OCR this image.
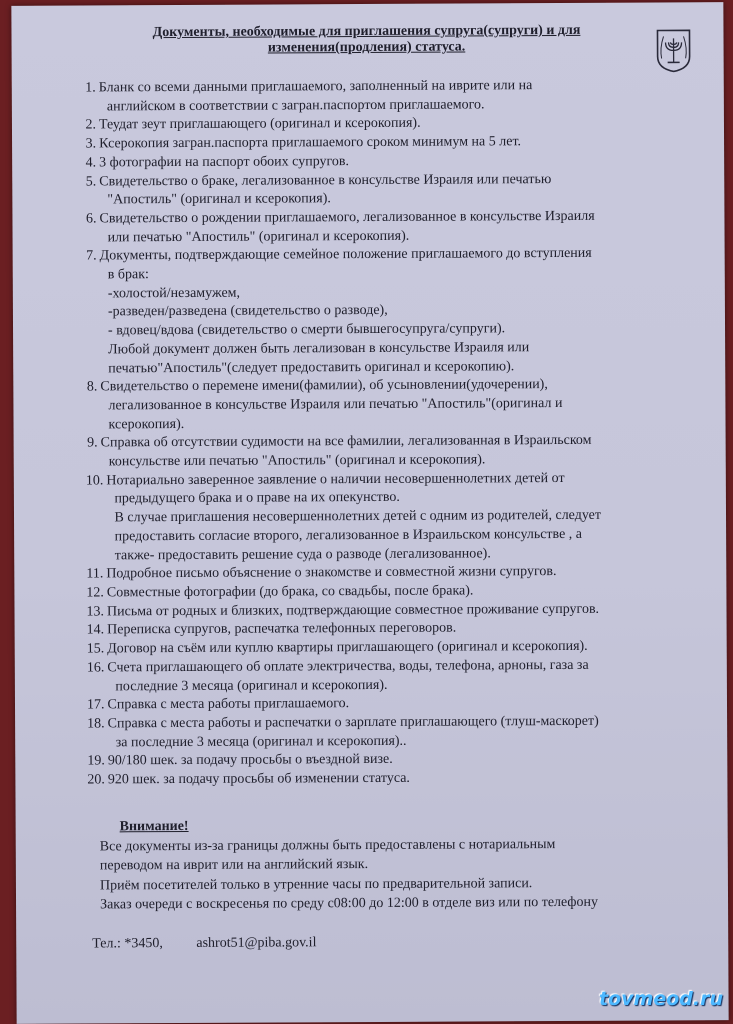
Документы, необходимые для приглашения супруга(супруги) и для
изменения(продления) статуса.
1. Бланк со всеми данными приглашаемого, заполненный на иврите или на
английском в соответствии с загран.паспортом приглашаемого.
2. Теудат зеут приглашающего (оригинал и ксерокопия).
3. Ксерокопия загран.паспорта приглашаемого сроком минимум на 5 лет.
4. 3 фотографии на паспорт обоих супругов.
5. Свидетельство о браке, легализованное в консульстве Израиля или печатью
"Апостиль" (оригинал и ксерокопия).
6. Свидетельство о рождении приглашаемого, легализованное в консульстве Израиля
или печатью "Апостиль" (оригинал и ксерокопия).
7. Документы, подтверждающие семейное положение приглашаемого до вступления
в брак:
-холостой/незамужем,
-разведен/разведена (свидетельство о разводе),
- вдовец/вдова (свидетельство о смерти бывшегосупруга/супруги).
Любой документ должен быть легализован в консульстве Израиля или
печатью"Апостиль"(следует предоставить оригинал и ксерокопию).
8. Свидетельство о перемене имени(фамилии), об усыновлении(удочерении),
легализованное в консульстве Израиля или печатью "Апостиль"(оригинал и
ксерокопия).
9. Справка об отсутствии судимости на все фамилии, легализованная в Израильском
консульстве или печатью "Апостиль" (оригинал и ксерокопия).
10. Нотариально заверенное заявление о наличии несовершеннолетних детей от
предыдущего брака и о праве на их опекунство.
В случае приглашения несовершеннолетних детей с одним из родителей, следует
предоставить согласие второго, легализованное в Израильском консульстве , а
также- предоставить решение суда о разводе (легализованное).
11. Подробное письмо объяснение о знакомстве и совместной жизни супругов.
12. Совместные фотографии (до брака, со свадьбы, после брака).
13. Письма от родных и близких, подтверждающие совместное проживание супругов.
14. Переписка супругов, распечатка телефонных переговоров.
15. Договор на съём или куплю квартиры приглашающего (оригинал и ксерокопия).
16. Счета приглашающего об оплате электричества, воды, телефона, арноны, газа за
последние 3 месяца (оригинал и ксерокопия).
17. Справка с места работы приглашаемого.
18. Справка с места работы и распечатки о зарплате приглашающего (тлуш-маскорет)
за последние 3 месяца (оригинал и ксерокопия)..
19. 90/180 шек. за подачу просьбы о въездной визе.
20. 920 шек. за подачу просьбы об изменении статуса.
Внимание!
Все документы из-за границы должны быть предоставлены с нотариальным
переводом на иврит или на английский язык.
Приём посетителей только в утренние часы по предварительной записи.
Заказ очереди с воскресенья по среду с08:00 до 12:00 в отделе виз или по телефону
Тел.: *3450, ashrot51@piba.gov.il
tovmeod.ru
